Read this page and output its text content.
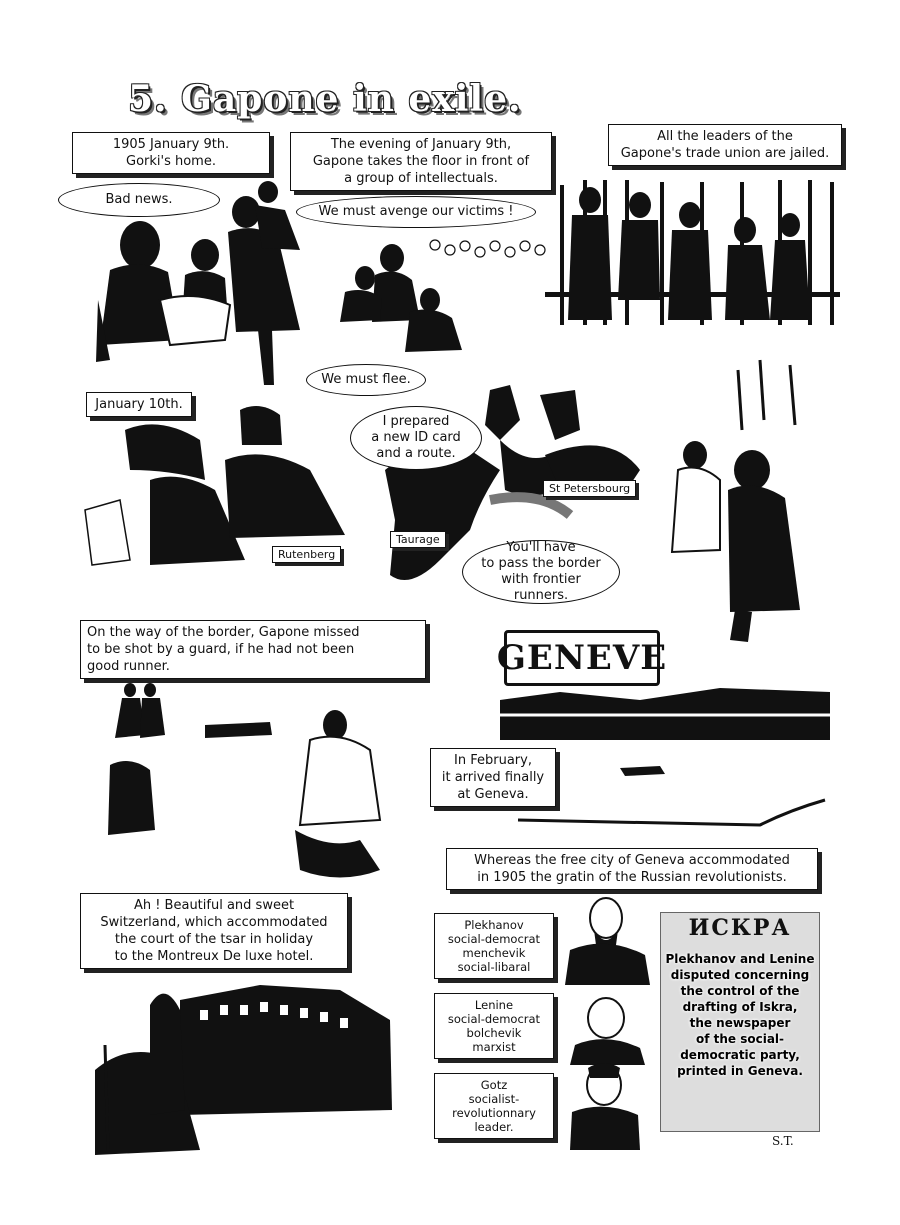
5. Gapone in exile.
1905 January 9th.
Gorki's home.
The evening of January 9th,
Gapone takes the floor in front of
a group of intellectuals.
All the leaders of the
Gapone's trade union are jailed.
January 10th.
On the way of the border, Gapone missed
to be shot by a guard, if he had not been
good runner.
In February,
it arrived finally
at Geneva.
Whereas the free city of Geneva accommodated
in 1905 the gratin of the Russian revolutionists.
Ah ! Beautiful and sweet
Switzerland, which accommodated
the court of the tsar in holiday
to the Montreux De luxe hotel.
Bad news.
We must avenge our victims !
We must flee.
I prepared
a new ID card
and a route.
You'll have
to pass the border
with frontier runners.
Rutenberg
St Petersbourg
Taurage
GENEVE
Plekhanov
social-democrat
menchevik
social-libaral
Lenine
social-democrat
bolchevik
marxist
Gotz
socialist-
revolutionnary
leader.
ИСКРА
Plekhanov and Lenine
disputed concerning
the control of the
drafting of Iskra,
the newspaper
of the social-
democratic party,
printed in Geneva.
S.T.
